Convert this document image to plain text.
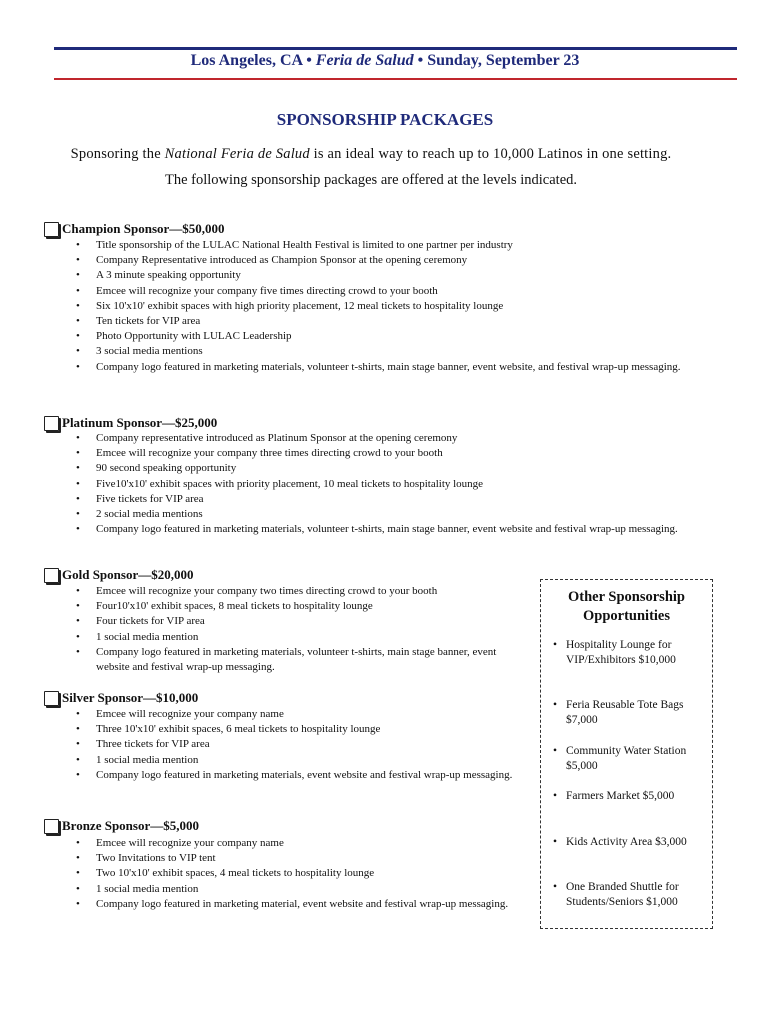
Los Angeles, CA • Feria de Salud • Sunday, September 23
SPONSORSHIP PACKAGES
Sponsoring the National Feria de Salud is an ideal way to reach up to 10,000 Latinos in one setting.
The following sponsorship packages are offered at the levels indicated.
Champion Sponsor—$50,000
• Title sponsorship of the LULAC National Health Festival is limited to one partner per industry
• Company Representative introduced as Champion Sponsor at the opening ceremony
• A 3 minute speaking opportunity
• Emcee will recognize your company five times directing crowd to your booth
• Six 10'x10' exhibit spaces with high priority placement, 12 meal tickets to hospitality lounge
• Ten tickets for VIP area
• Photo Opportunity with LULAC Leadership
• 3 social media mentions
• Company logo featured in marketing materials, volunteer t-shirts, main stage banner, event website, and festival wrap-up messaging.
Platinum Sponsor—$25,000
• Company representative introduced as Platinum Sponsor at the opening ceremony
• Emcee will recognize your company three times directing crowd to your booth
• 90 second speaking opportunity
• Five10'x10' exhibit spaces with priority placement, 10 meal tickets to hospitality lounge
• Five tickets for VIP area
• 2 social media mentions
• Company logo featured in marketing materials, volunteer t-shirts, main stage banner, event website and festival wrap-up messaging.
Gold Sponsor—$20,000
• Emcee will recognize your company two times directing crowd to your booth
• Four10'x10' exhibit spaces, 8 meal tickets to hospitality lounge
• Four tickets for VIP area
• 1 social media mention
• Company logo featured in marketing materials, volunteer t-shirts, main stage banner, event website and festival wrap-up messaging.
Silver Sponsor—$10,000
• Emcee will recognize your company name
• Three 10'x10' exhibit spaces, 6 meal tickets to hospitality lounge
• Three tickets for VIP area
• 1 social media mention
• Company logo featured in marketing materials, event website and festival wrap-up messaging.
Bronze Sponsor—$5,000
• Emcee will recognize your company name
• Two Invitations to VIP tent
• Two 10'x10' exhibit spaces, 4 meal tickets to hospitality lounge
• 1 social media mention
• Company logo featured in marketing material, event website and festival wrap-up messaging.
Other Sponsorship
Opportunities
• Hospitality Lounge for VIP/Exhibitors $10,000
• Feria Reusable Tote Bags $7,000
• Community Water Station $5,000
• Farmers Market $5,000
• Kids Activity Area $3,000
• One Branded Shuttle for Students/Seniors $1,000
